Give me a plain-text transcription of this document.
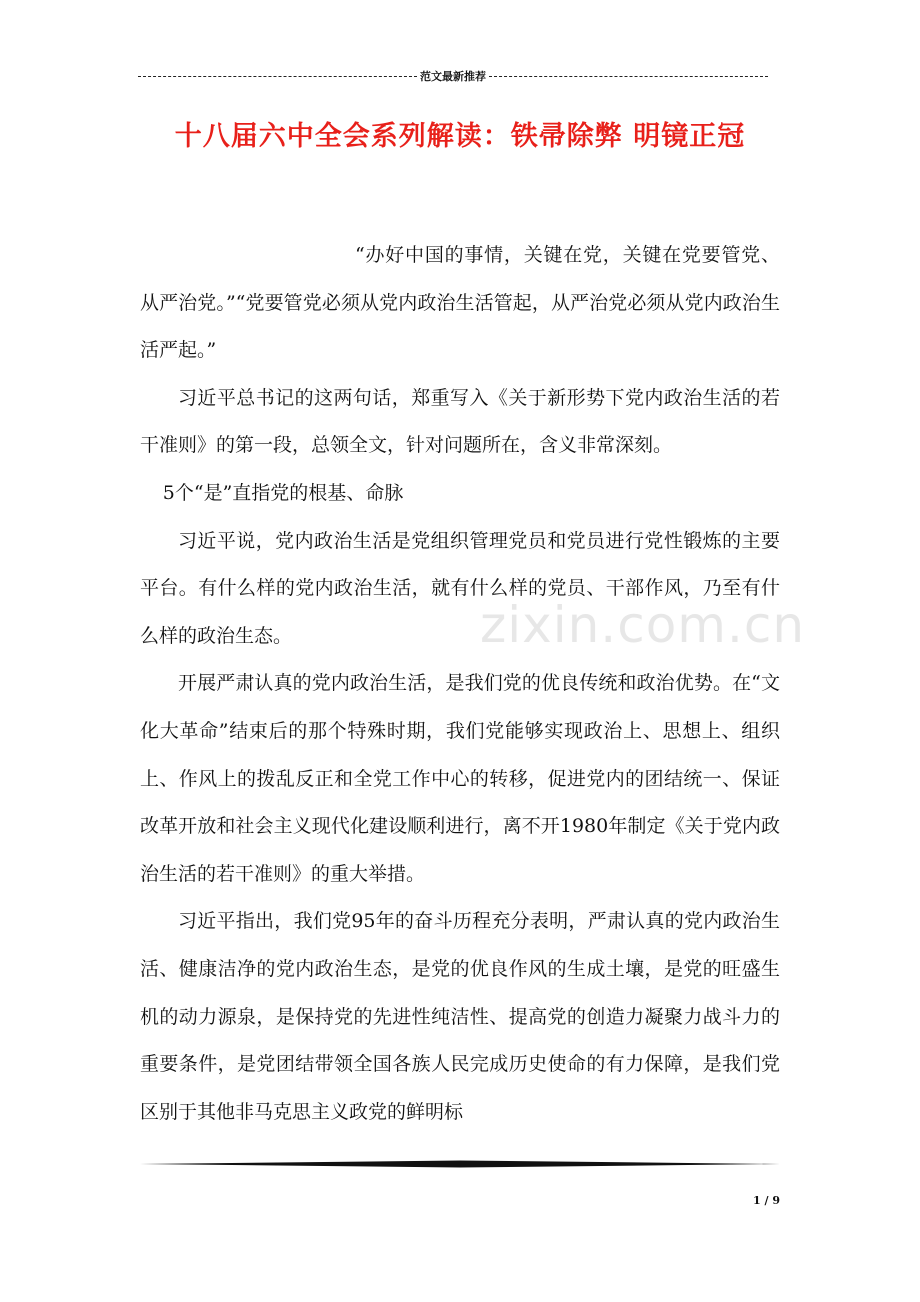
范文最新推荐
十八届六中全会系列解读：铁帚除弊 明镜正冠

“办好中国的事情，关键在党，关键在党要管党、从严治党。”“党要管党必须从党内政治生活管起，从严治党必须从党内政治生活严起。”

习近平总书记的这两句话，郑重写入《关于新形势下党内政治生活的若干准则》的第一段，总领全文，针对问题所在，含义非常深刻。

5个“是”直指党的根基、命脉

习近平说，党内政治生活是党组织管理党员和党员进行党性锻炼的主要平台。有什么样的党内政治生活，就有什么样的党员、干部作风，乃至有什么样的政治生态。

开展严肃认真的党内政治生活，是我们党的优良传统和政治优势。在“文化大革命”结束后的那个特殊时期，我们党能够实现政治上、思想上、组织上、作风上的拨乱反正和全党工作中心的转移，促进党内的团结统一、保证改革开放和社会主义现代化建设顺利进行，离不开1980年制定《关于党内政治生活的若干准则》的重大举措。

习近平指出，我们党95年的奋斗历程充分表明，严肃认真的党内政治生活、健康洁净的党内政治生态，是党的优良作风的生成土壤，是党的旺盛生机的动力源泉，是保持党的先进性纯洁性、提高党的创造力凝聚力战斗力的重要条件，是党团结带领全国各族人民完成历史使命的有力保障，是我们党区别于其他非马克思主义政党的鲜明标

zixin.com.cn
1 / 9
